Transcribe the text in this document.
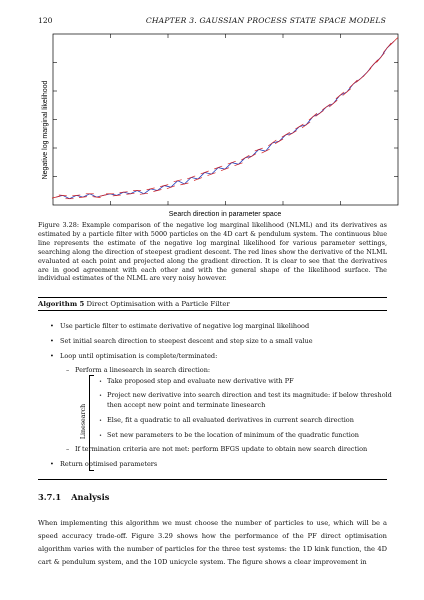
120	CHAPTER 3. GAUSSIAN PROCESS STATE SPACE MODELS
Negative log marginal likelihood
Search direction in parameter space

Figure 3.28: Example comparison of the negative log marginal likelihood (NLML) and its derivatives as estimated by a particle filter with 5000 particles on the 4D cart & pendulum system. The continuous blue line represents the estimate of the negative log marginal likelihood for various parameter settings, searching along the direction of steepest gradient descent. The red lines show the derivative of the NLML evaluated at each point and projected along the gradient direction. It is clear to see that the derivatives are in good agreement with each other and with the general shape of the likelihood surface. The individual estimates of the NLML are very noisy however.

Algorithm 5 Direct Optimisation with a Particle Filter
• Use particle filter to estimate derivative of negative log marginal likelihood
• Set initial search direction to steepest descent and step size to a small value
• Loop until optimisation is complete/terminated:
– Perform a linesearch in search direction:
Linesearch
• Take proposed step and evaluate new derivative with PF
• Project new derivative into search direction and test its magnitude: if below threshold
then accept new point and terminate linesearch
• Else, fit a quadratic to all evaluated derivatives in current search direction
• Set new parameters to be the location of minimum of the quadratic function
– If termination criteria are not met: perform BFGS update to obtain new search direction
• Return optimised parameters
3.7.1 Analysis

When implementing this algorithm we must choose the number of particles to use, which will be a speed accuracy trade-off. Figure 3.29 shows how the performance of the PF direct optimisation algorithm varies with the number of particles for the three test systems: the 1D kink function, the 4D cart & pendulum system, and the 10D unicycle system. The figure shows a clear improvement in
